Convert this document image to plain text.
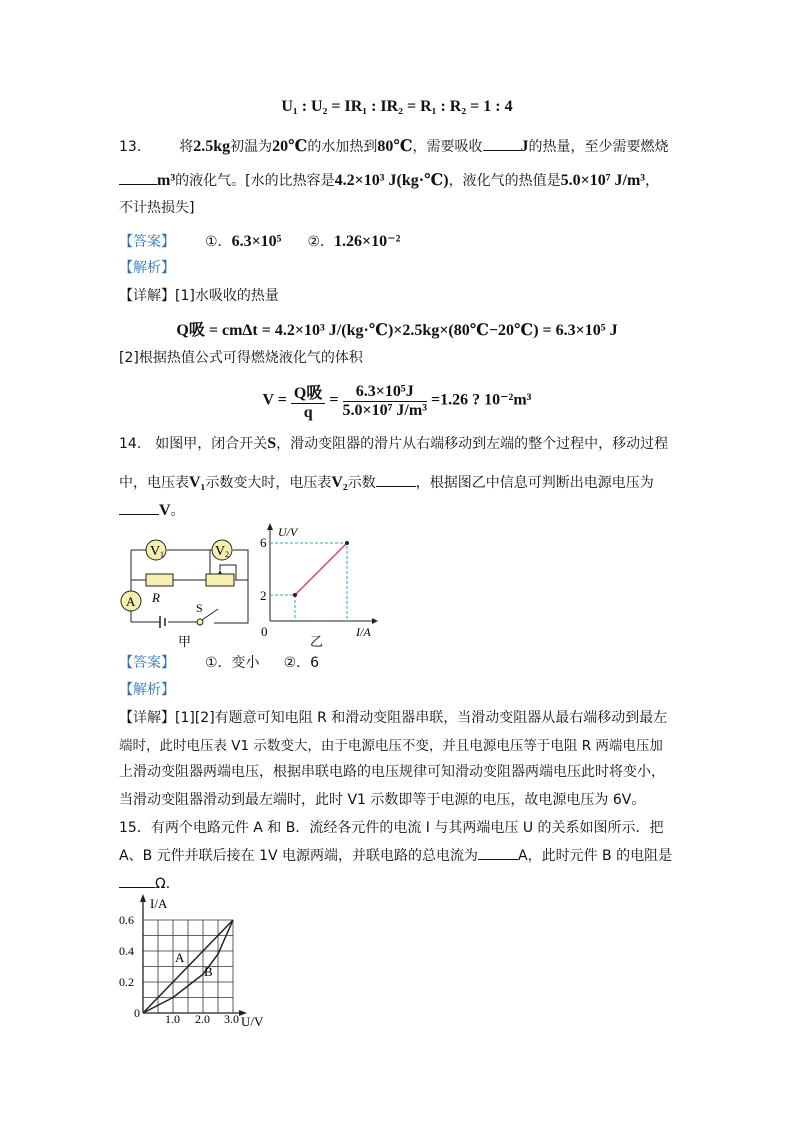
U₁ : U₂ = IR₁ : IR₂ = R₁ : R₂ = 1 : 4
13.	将2.5kg初温为20℃的水加热到80℃，需要吸收 J的热量，至少需要燃烧
m³的液化气。[水的比热容是4.2×10³ J(kg·℃)，液化气的热值是5.0×10⁷ J/m³，
不计热损失]
【答案】 ①．6.3×10⁵ ②．1.26×10⁻²
【解析】
【详解】[1]水吸收的热量
Q吸 = cmΔt = 4.2×10³ J/(kg·℃)×2.5kg×(80℃−20℃) = 6.3×10⁵ J
[2]根据热值公式可得燃烧液化气的体积
$V = \frac{\text{Q吸}}{q} = \frac{\text{6.3×10⁵J}}{\text{5.0×10⁷ J/m³}} =1.26$ ? 10⁻²m³
14.　如图甲，闭合开关S，滑动变阻器的滑片从右端移动到左端的整个过程中，移动过程
中，电压表V₁示数变大时，电压表V₂示数	，根据图乙中信息可判断出电源电压为
V。
V 1	V 2
R
A	S
甲
U/V
I/A
6
2
0
乙
【答案】 ①．变小 ②．6
【解析】
【详解】[1][2]有题意可知电阻 R 和滑动变阻器串联，当滑动变阻器从最右端移动到最左
端时，此时电压表 V1 示数变大，由于电源电压不变，并且电源电压等于电阻 R 两端电压加
上滑动变阻器两端电压，根据串联电路的电压规律可知滑动变阻器两端电压此时将变小，
当滑动变阻器滑动到最左端时，此时 V1 示数即等于电源的电压，故电源电压为 6V。
15．有两个电路元件 A 和 B．流经各元件的电流 I 与其两端电压 U 的关系如图所示．把
A、B 元件并联后接在 1V 电源两端，并联电路的总电流为	A，此时元件 B 的电阻是
Ω．
I/A
U/V
0
0.6
0.4
0.2
1.0 2.0 3.0
A
B
